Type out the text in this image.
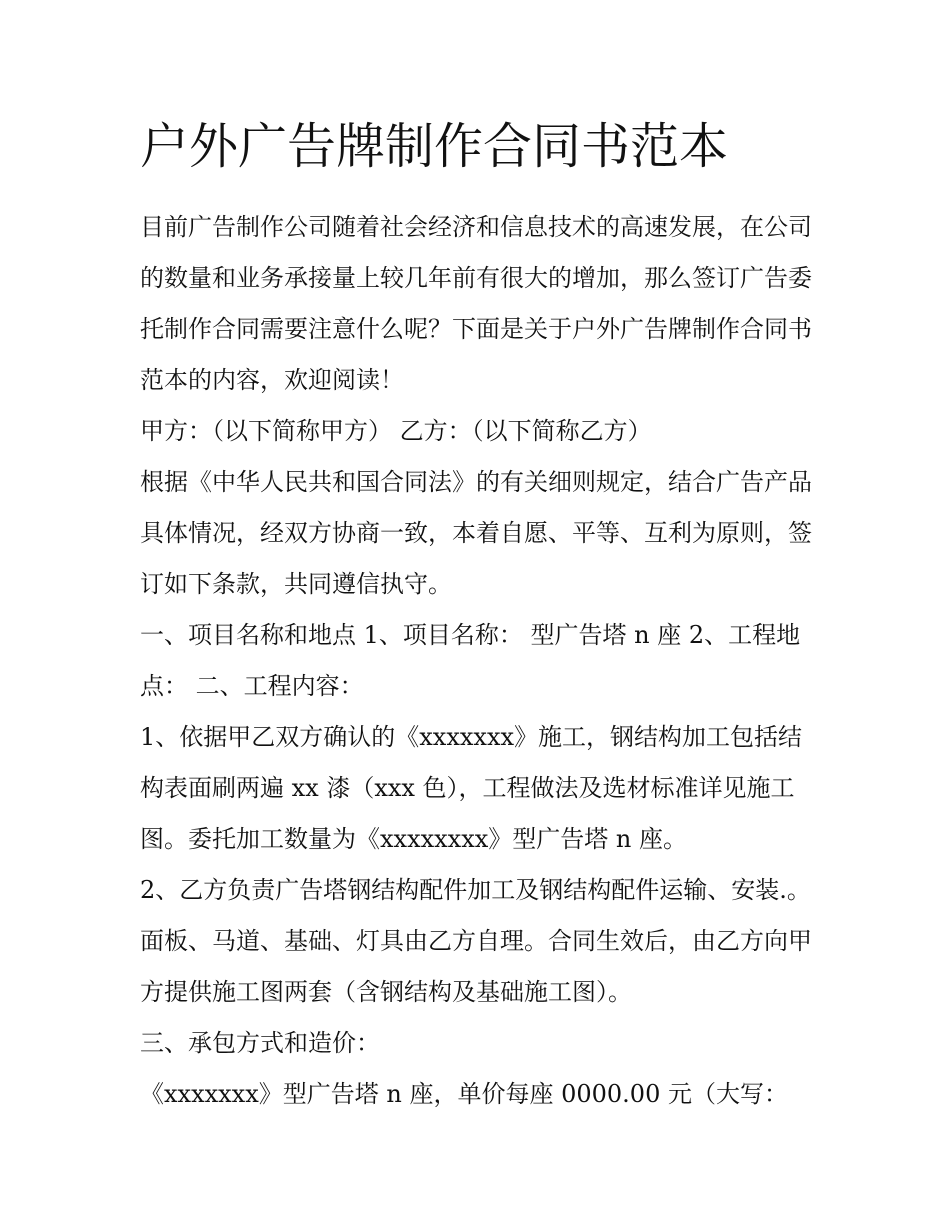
户外广告牌制作合同书范本

目前广告制作公司随着社会经济和信息技术的高速发展，在公司的数量和业务承接量上较几年前有很大的增加，那么签订广告委托制作合同需要注意什么呢？下面是关于户外广告牌制作合同书范本的内容，欢迎阅读！

甲方：（以下简称甲方） 乙方：（以下简称乙方）

根据《中华人民共和国合同法》的有关细则规定，结合广告产品具体情况，经双方协商一致，本着自愿、平等、互利为原则，签订如下条款，共同遵信执守。

一、项目名称和地点 1、项目名称： 型广告塔 n 座 2、工程地点： 二、工程内容：

1、依据甲乙双方确认的《xxxxxxx》施工，钢结构加工包括结构表面刷两遍 xx 漆（xxx 色），工程做法及选材标准详见施工图。委托加工数量为《xxxxxxxx》型广告塔 n 座。

2、乙方负责广告塔钢结构配件加工及钢结构配件运输、安装.。面板、马道、基础、灯具由乙方自理。合同生效后，由乙方向甲方提供施工图两套（含钢结构及基础施工图）。

三、承包方式和造价：

《xxxxxxx》型广告塔 n 座，单价每座 0000.00 元（大写：
